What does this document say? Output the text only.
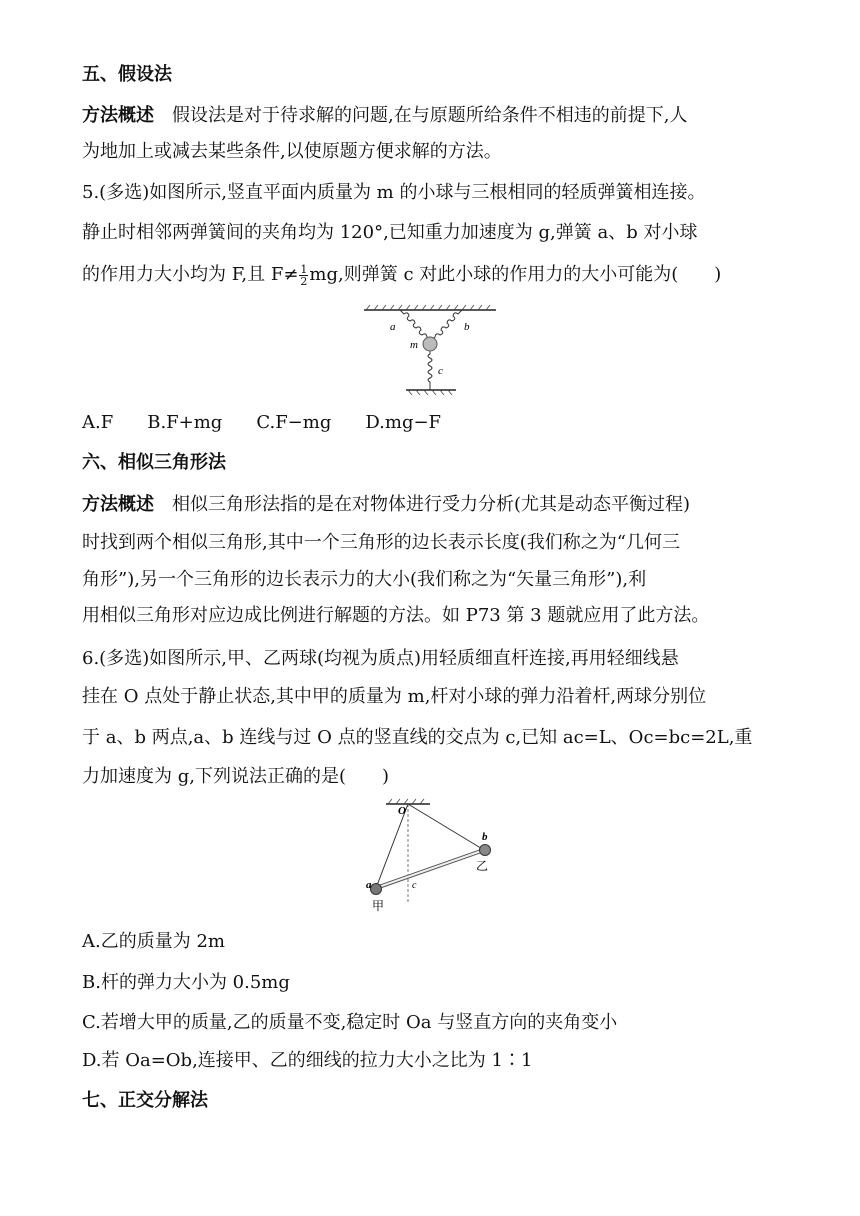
五、假设法
方法概述 假设法是对于待求解的问题,在与原题所给条件不相违的前提下,人
为地加上或减去某些条件,以使原题方便求解的方法。
5.(多选)如图所示,竖直平面内质量为 m 的小球与三根相同的轻质弹簧相连接。
静止时相邻两弹簧间的夹角均为 120°,已知重力加速度为 g,弹簧 a、b 对小球
的作用力大小均为 F,且 $F\ne \frac{1}{2}$ mg,则弹簧 c 对此小球的作用力的大小可能为(　　)
a	b
m
c
A.F B.F+mg C.F−mg D.mg−F
六、相似三角形法
方法概述 相似三角形法指的是在对物体进行受力分析(尤其是动态平衡过程)
时找到两个相似三角形,其中一个三角形的边长表示长度(我们称之为“几何三
角形”),另一个三角形的边长表示力的大小(我们称之为“矢量三角形”),利
用相似三角形对应边成比例进行解题的方法。如 P73 第 3 题就应用了此方法。
6.(多选)如图所示,甲、乙两球(均视为质点)用轻质细直杆连接,再用轻细线悬
挂在 O 点处于静止状态,其中甲的质量为 m,杆对小球的弹力沿着杆,两球分别位
于 a、b 两点,a、b 连线与过 O 点的竖直线的交点为 c,已知 ac=L、Oc=bc=2L,重
力加速度为 g,下列说法正确的是(　　)
O
a
b
c
甲
乙
A.乙的质量为 2m
B.杆的弹力大小为 0.5mg
C.若增大甲的质量,乙的质量不变,稳定时 Oa 与竖直方向的夹角变小
D.若 Oa=Ob,连接甲、乙的细线的拉力大小之比为 1∶1
七、正交分解法
